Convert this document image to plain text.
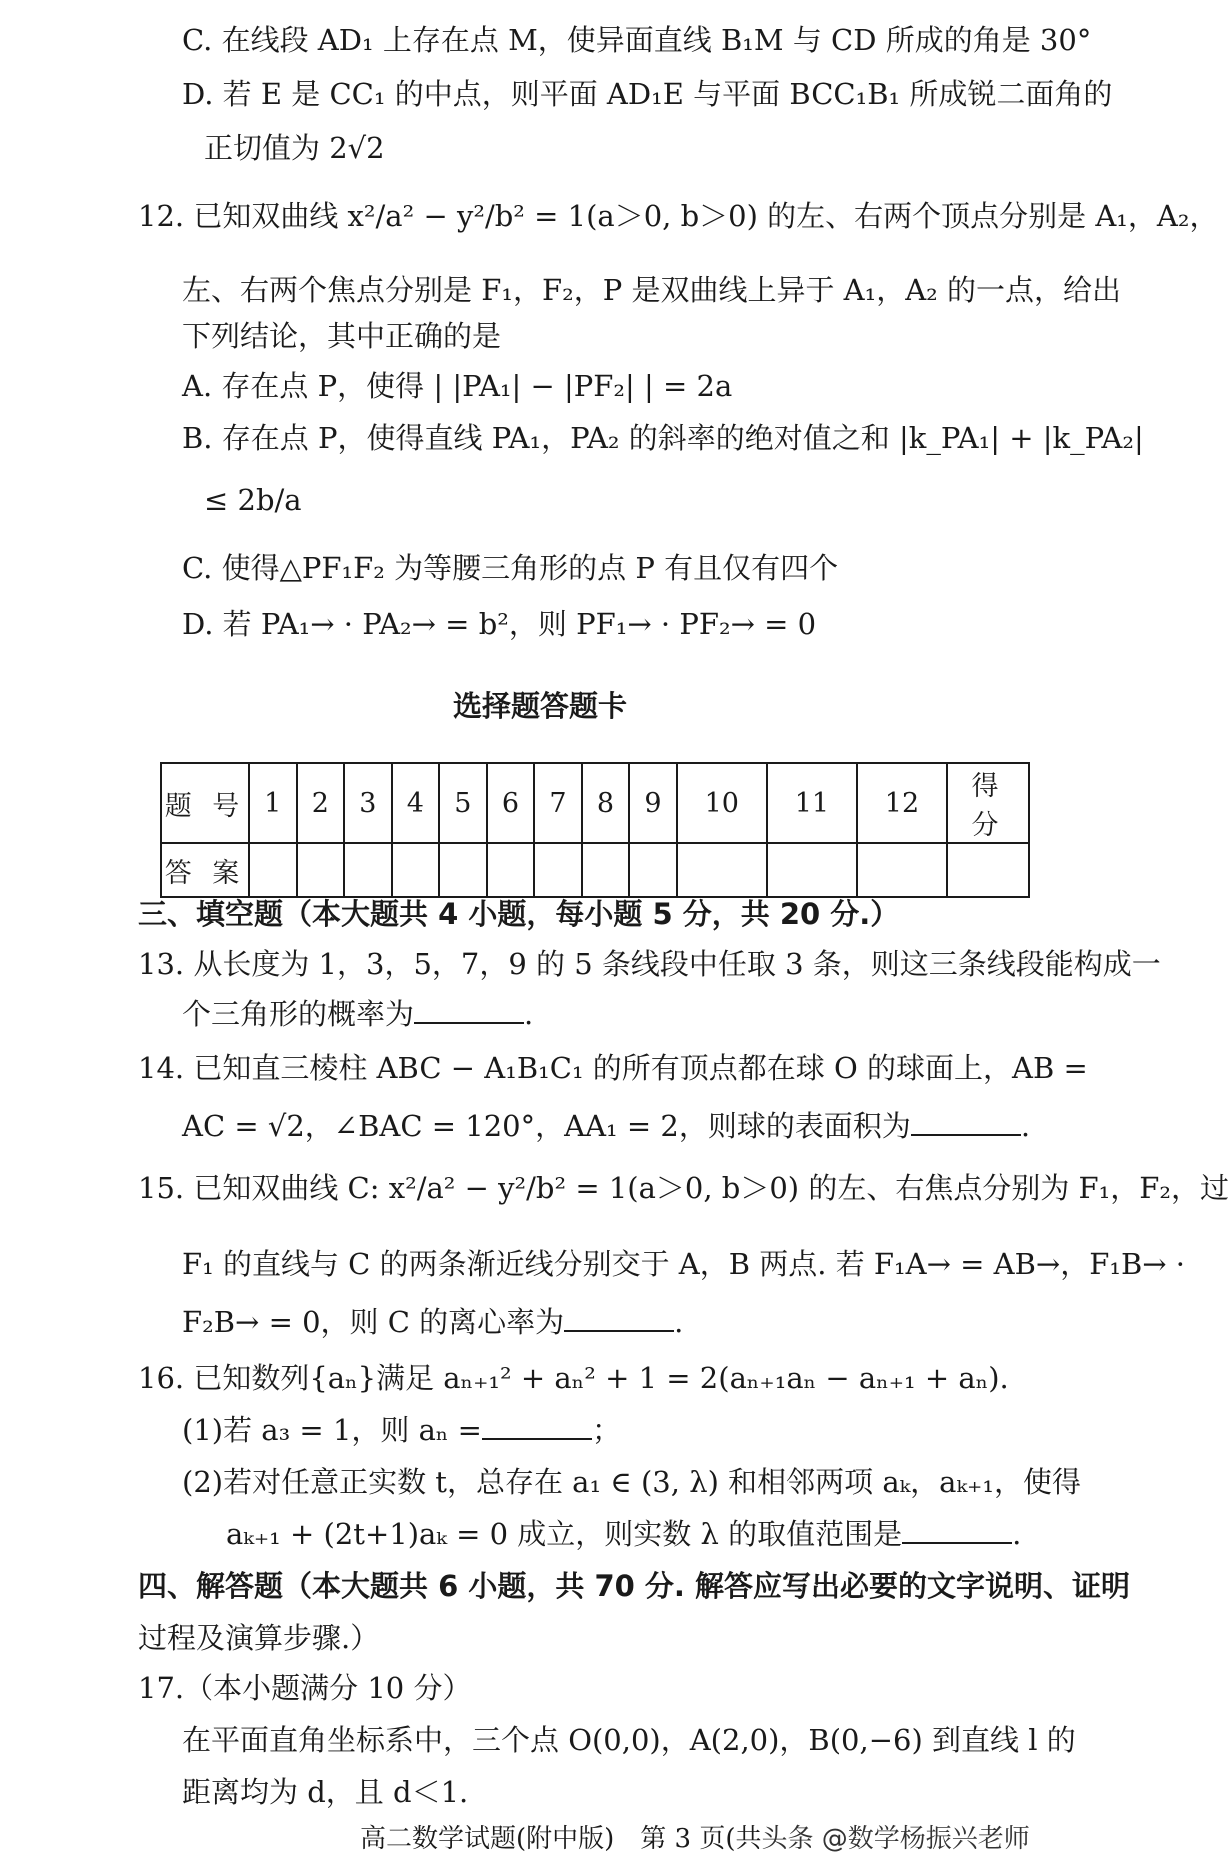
C. 在线段 AD₁ 上存在点 M，使异面直线 B₁M 与 CD 所成的角是 30°
D. 若 E 是 CC₁ 的中点，则平面 AD₁E 与平面 BCC₁B₁ 所成锐二面角的
正切值为 2√2
12. 已知双曲线 x²/a² − y²/b² = 1(a＞0, b＞0) 的左、右两个顶点分别是 A₁，A₂，
左、右两个焦点分别是 F₁，F₂，P 是双曲线上异于 A₁，A₂ 的一点，给出
下列结论，其中正确的是
A. 存在点 P，使得 | |PA₁| − |PF₂| | = 2a
B. 存在点 P，使得直线 PA₁，PA₂ 的斜率的绝对值之和 |k_PA₁| + |k_PA₂|
≤ 2b/a
C. 使得△PF₁F₂ 为等腰三角形的点 P 有且仅有四个
D. 若 PA₁→ · PA₂→ = b²，则 PF₁→ · PF₂→ = 0
三、填空题（本大题共 4 小题，每小题 5 分，共 20 分.）
13. 从长度为 1，3，5，7，9 的 5 条线段中任取 3 条，则这三条线段能构成一
个三角形的概率为	.
14. 已知直三棱柱 ABC − A₁B₁C₁ 的所有顶点都在球 O 的球面上，AB =
AC = √2，∠BAC = 120°，AA₁ = 2，则球的表面积为	.
15. 已知双曲线 C: x²/a² − y²/b² = 1(a＞0, b＞0) 的左、右焦点分别为 F₁，F₂，过
F₁ 的直线与 C 的两条渐近线分别交于 A，B 两点. 若 F₁A→ = AB→，F₁B→ ·
F₂B→ = 0，则 C 的离心率为	.
16. 已知数列{aₙ}满足 aₙ₊₁² + aₙ² + 1 = 2(aₙ₊₁aₙ − aₙ₊₁ + aₙ).
(1)若 a₃ = 1，则 aₙ =	；
(2)若对任意正实数 t，总存在 a₁ ∈ (3, λ) 和相邻两项 aₖ，aₖ₊₁，使得
aₖ₊₁ + (2t+1)aₖ = 0 成立，则实数 λ 的取值范围是	.
四、解答题（本大题共 6 小题，共 70 分. 解答应写出必要的文字说明、证明
过程及演算步骤.）
17.（本小题满分 10 分）
在平面直角坐标系中，三个点 O(0,0)，A(2,0)，B(0,−6) 到直线 l 的
距离均为 d，且 d＜1.
选择题答题卡
题 号	1	2	3	4	5	6	7	8	9	10	11	12	得 分
答 案													
高二数学试题(附中版)　第 3 页(共头条 @数学杨振兴老师
